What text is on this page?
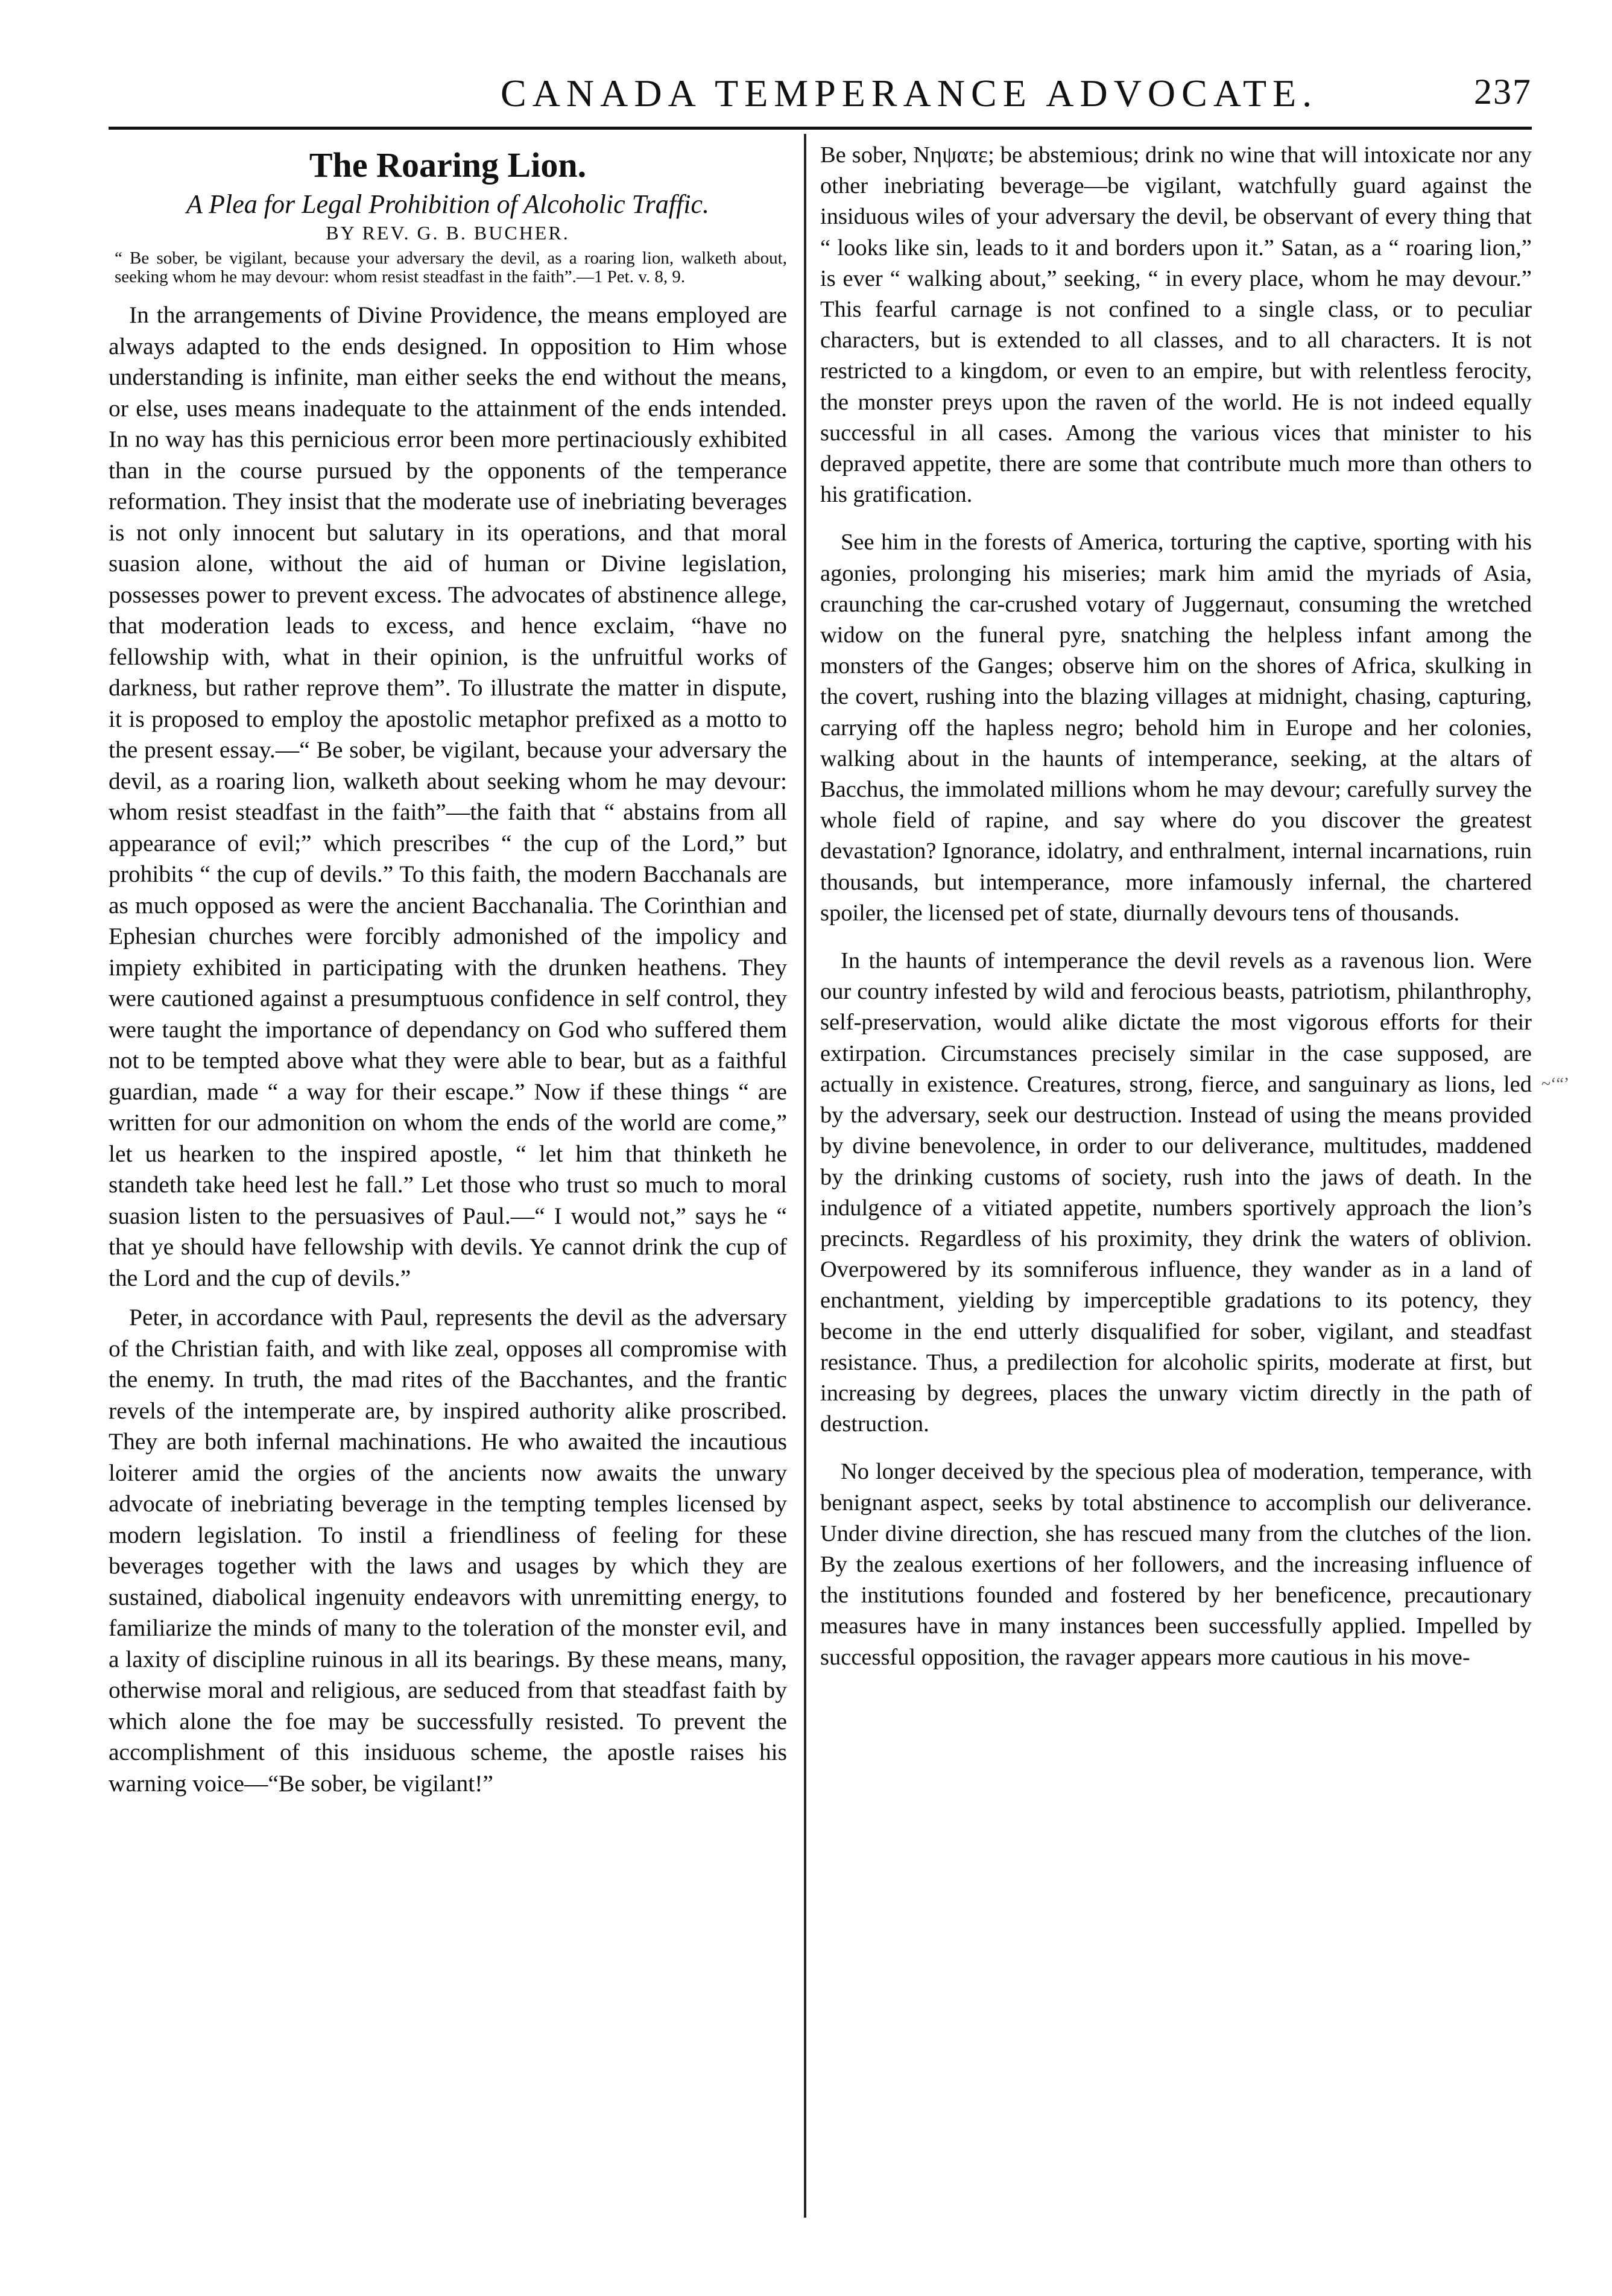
CANADA TEMPERANCE ADVOCATE.	237
The Roaring Lion.
A Plea for Legal Prohibition of Alcoholic Traffic.
BY REV. G. B. BUCHER.
“ Be sober, be vigilant, because your adversary the devil, as a roaring lion, walketh about, seeking whom he may devour: whom resist steadfast in the faith”.—1 Pet. v. 8, 9.

In the arrangements of Divine Providence, the means employed are always adapted to the ends designed. In opposition to Him whose understanding is infinite, man either seeks the end without the means, or else, uses means inadequate to the attainment of the ends intended. In no way has this pernicious error been more pertinaciously exhibited than in the course pursued by the opponents of the temperance reformation. They insist that the moderate use of inebriating beverages is not only innocent but salutary in its operations, and that moral suasion alone, without the aid of human or Divine legislation, possesses power to prevent excess. The advocates of abstinence allege, that moderation leads to excess, and hence exclaim, “have no fellowship with, what in their opinion, is the unfruitful works of darkness, but rather reprove them”. To illustrate the matter in dispute, it is proposed to employ the apostolic metaphor prefixed as a motto to the present essay.—“ Be sober, be vigilant, because your adversary the devil, as a roaring lion, walketh about seeking whom he may devour: whom resist steadfast in the faith”—the faith that “ abstains from all appearance of evil;” which prescribes “ the cup of the Lord,” but prohibits “ the cup of devils.” To this faith, the modern Bacchanals are as much opposed as were the ancient Bacchanalia. The Corinthian and Ephesian churches were forcibly admonished of the impolicy and impiety exhibited in participating with the drunken heathens. They were cautioned against a presumptuous confidence in self control, they were taught the importance of dependancy on God who suffered them not to be tempted above what they were able to bear, but as a faithful guardian, made “ a way for their escape.” Now if these things “ are written for our admonition on whom the ends of the world are come,” let us hearken to the inspired apostle, “ let him that thinketh he standeth take heed lest he fall.” Let those who trust so much to moral suasion listen to the persuasives of Paul.—“ I would not,” says he “ that ye should have fellowship with devils. Ye cannot drink the cup of the Lord and the cup of devils.”

Peter, in accordance with Paul, represents the devil as the adversary of the Christian faith, and with like zeal, opposes all compromise with the enemy. In truth, the mad rites of the Bacchantes, and the frantic revels of the intemperate are, by inspired authority alike proscribed. They are both infernal machinations. He who awaited the incautious loiterer amid the orgies of the ancients now awaits the unwary advocate of inebriating beverage in the tempting temples licensed by modern legislation. To instil a friendliness of feeling for these beverages together with the laws and usages by which they are sustained, diabolical ingenuity endeavors with unremitting energy, to familiarize the minds of many to the toleration of the monster evil, and a laxity of discipline ruinous in all its bearings. By these means, many, otherwise moral and religious, are seduced from that steadfast faith by which alone the foe may be successfully resisted. To prevent the accomplishment of this insiduous scheme, the apostle raises his warning voice—“Be sober, be vigilant!”

Be sober, Nηψατε; be abstemious; drink no wine that will intoxicate nor any other inebriating beverage—be vigilant, watchfully guard against the insiduous wiles of your adversary the devil, be observant of every thing that “ looks like sin, leads to it and borders upon it.” Satan, as a “ roaring lion,” is ever “ walking about,” seeking, “ in every place, whom he may devour.” This fearful carnage is not confined to a single class, or to peculiar characters, but is extended to all classes, and to all characters. It is not restricted to a kingdom, or even to an empire, but with relentless ferocity, the monster preys upon the raven of the world. He is not indeed equally successful in all cases. Among the various vices that minister to his depraved appetite, there are some that contribute much more than others to his gratification.

See him in the forests of America, torturing the captive, sporting with his agonies, prolonging his miseries; mark him amid the myriads of Asia, craunching the car-crushed votary of Juggernaut, consuming the wretched widow on the funeral pyre, snatching the helpless infant among the monsters of the Ganges; observe him on the shores of Africa, skulking in the covert, rushing into the blazing villages at midnight, chasing, capturing, carrying off the hapless negro; behold him in Europe and her colonies, walking about in the haunts of intemperance, seeking, at the altars of Bacchus, the immolated millions whom he may devour; carefully survey the whole field of rapine, and say where do you discover the greatest devastation? Ignorance, idolatry, and enthralment, internal incarnations, ruin thousands, but intemperance, more infamously infernal, the chartered spoiler, the licensed pet of state, diurnally devours tens of thousands.

In the haunts of intemperance the devil revels as a ravenous lion. Were our country infested by wild and ferocious beasts, patriotism, philanthrophy, self-preservation, would alike dictate the most vigorous efforts for their extirpation. Circumstances precisely similar in the case supposed, are actually in existence. Creatures, strong, fierce, and sanguinary as lions, led by the adversary, seek our destruction. Instead of using the means provided by divine benevolence, in order to our deliverance, multitudes, maddened by the drinking customs of society, rush into the jaws of death. In the indulgence of a vitiated appetite, numbers sportively approach the lion’s precincts. Regardless of his proximity, they drink the waters of oblivion. Overpowered by its somniferous influence, they wander as in a land of enchantment, yielding by imperceptible gradations to its potency, they become in the end utterly disqualified for sober, vigilant, and steadfast resistance. Thus, a predilection for alcoholic spirits, moderate at first, but increasing by degrees, places the unwary victim directly in the path of destruction.

No longer deceived by the specious plea of moderation, temperance, with benignant aspect, seeks by total abstinence to accomplish our deliverance. Under divine direction, she has rescued many from the clutches of the lion. By the zealous exertions of her followers, and the increasing influence of the institutions founded and fostered by her beneficence, precautionary measures have in many instances been successfully applied. Impelled by successful opposition, the ravager appears more cautious in his move-

~‘“’
